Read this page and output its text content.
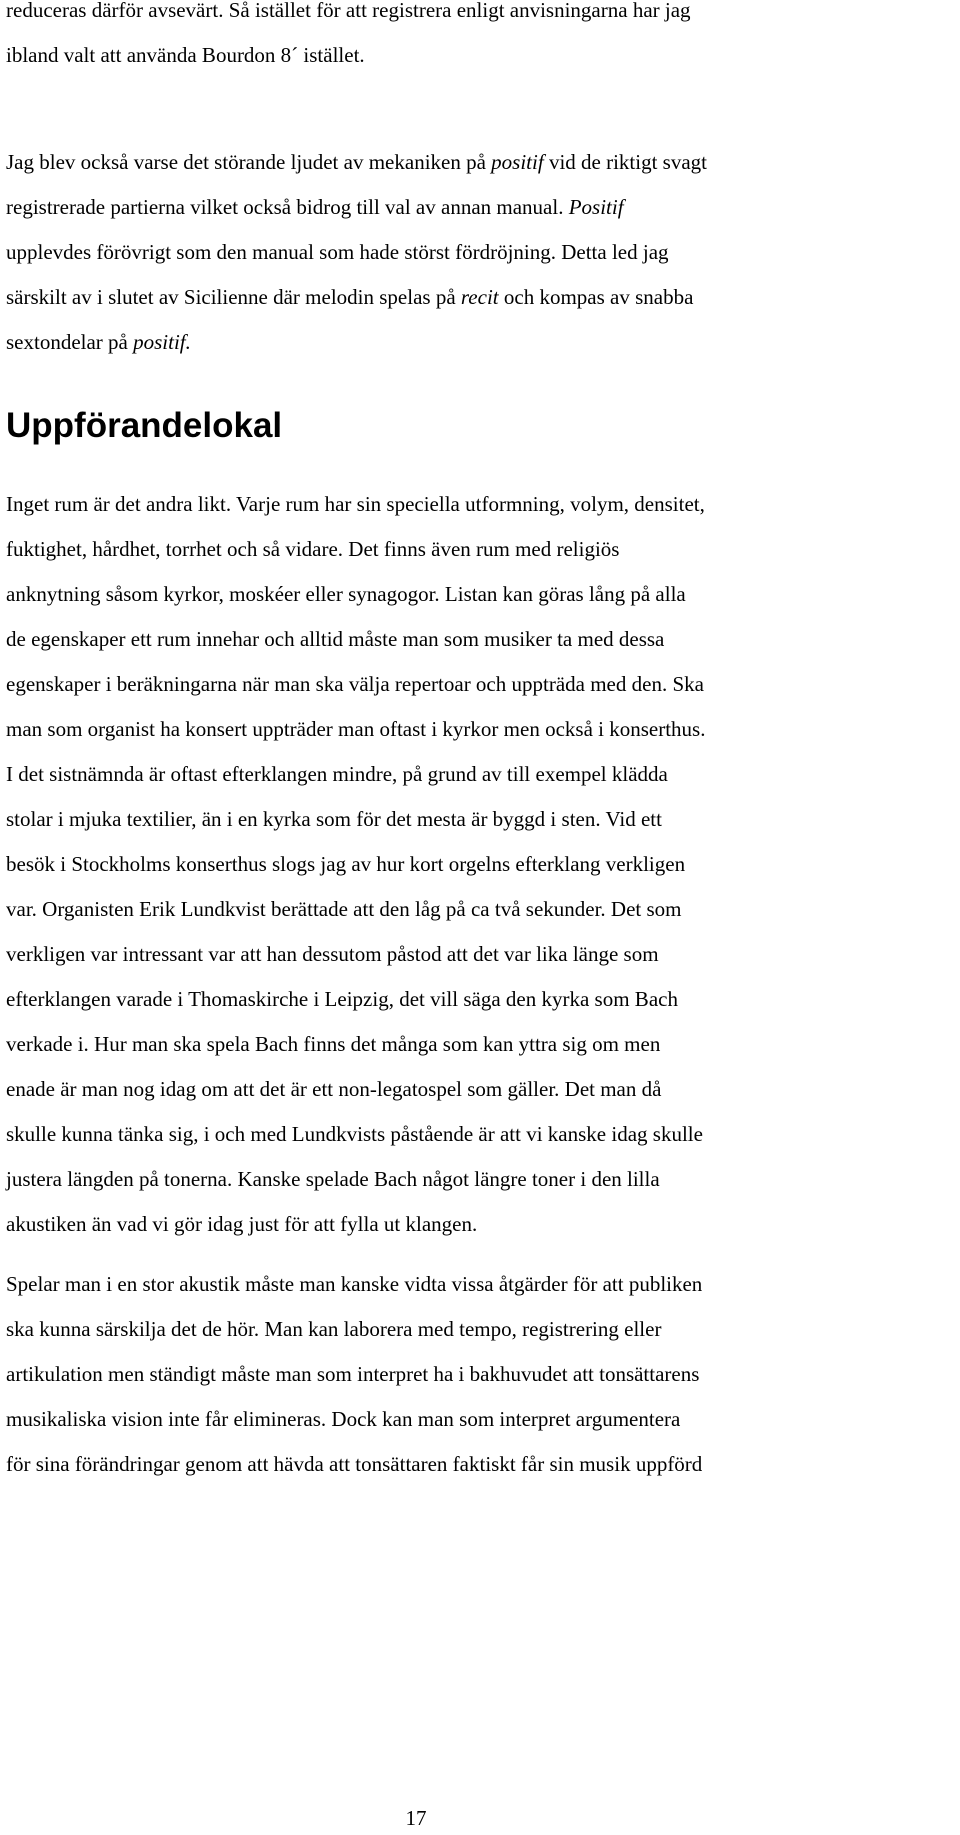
reduceras därför avsevärt. Så istället för att registrera enligt anvisningarna har jag
ibland valt att använda Bourdon 8´ istället.

Jag blev också varse det störande ljudet av mekaniken på positif vid de riktigt svagt
registrerade partierna vilket också bidrog till val av annan manual. Positif
upplevdes förövrigt som den manual som hade störst fördröjning. Detta led jag
särskilt av i slutet av Sicilienne där melodin spelas på recit och kompas av snabba
sextondelar på positif.

Uppförandelokal

Inget rum är det andra likt. Varje rum har sin speciella utformning, volym, densitet,
fuktighet, hårdhet, torrhet och så vidare. Det finns även rum med religiös
anknytning såsom kyrkor, moskéer eller synagogor. Listan kan göras lång på alla
de egenskaper ett rum innehar och alltid måste man som musiker ta med dessa
egenskaper i beräkningarna när man ska välja repertoar och uppträda med den. Ska
man som organist ha konsert uppträder man oftast i kyrkor men också i konserthus.
I det sistnämnda är oftast efterklangen mindre, på grund av till exempel klädda
stolar i mjuka textilier, än i en kyrka som för det mesta är byggd i sten. Vid ett
besök i Stockholms konserthus slogs jag av hur kort orgelns efterklang verkligen
var. Organisten Erik Lundkvist berättade att den låg på ca två sekunder. Det som
verkligen var intressant var att han dessutom påstod att det var lika länge som
efterklangen varade i Thomaskirche i Leipzig, det vill säga den kyrka som Bach
verkade i. Hur man ska spela Bach finns det många som kan yttra sig om men
enade är man nog idag om att det är ett non-legatospel som gäller. Det man då
skulle kunna tänka sig, i och med Lundkvists påstående är att vi kanske idag skulle
justera längden på tonerna. Kanske spelade Bach något längre toner i den lilla
akustiken än vad vi gör idag just för att fylla ut klangen.

Spelar man i en stor akustik måste man kanske vidta vissa åtgärder för att publiken
ska kunna särskilja det de hör. Man kan laborera med tempo, registrering eller
artikulation men ständigt måste man som interpret ha i bakhuvudet att tonsättarens
musikaliska vision inte får elimineras. Dock kan man som interpret argumentera
för sina förändringar genom att hävda att tonsättaren faktiskt får sin musik uppförd

17
